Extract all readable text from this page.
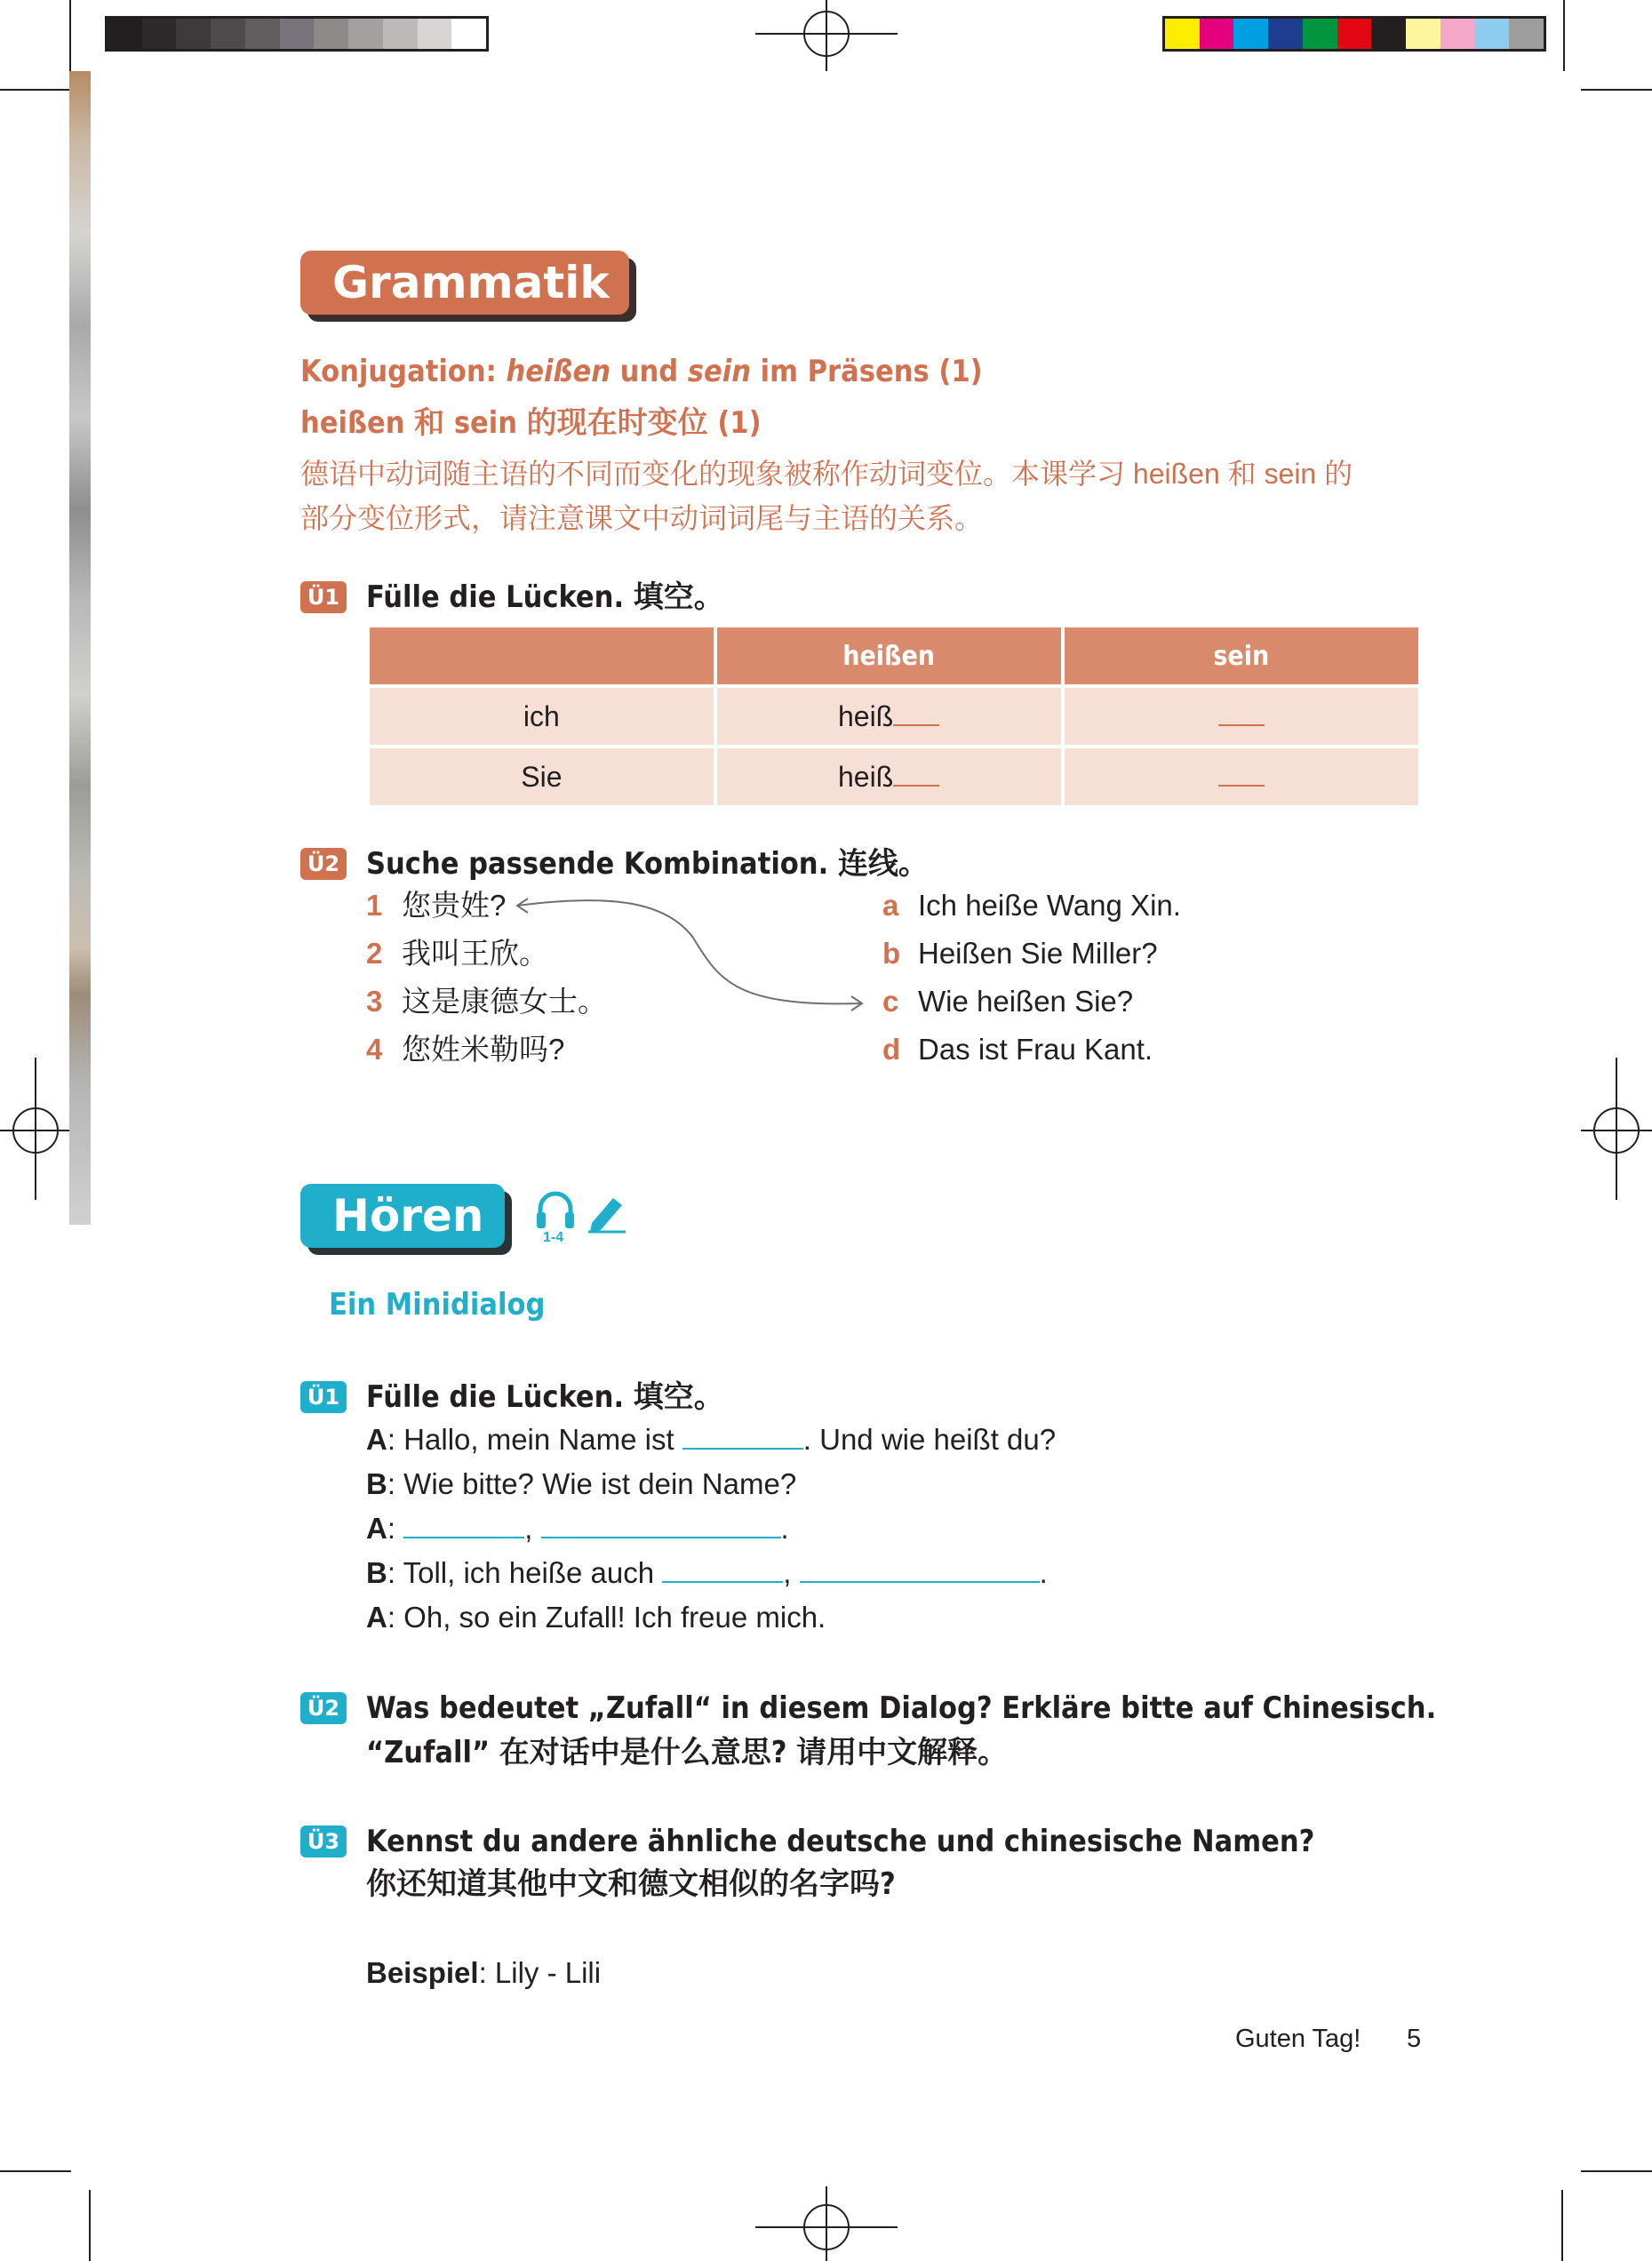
Grammatik
Konjugation: heißen und sein im Präsens (1)
heißen 和 sein 的现在时变位 (1)
德语中动词随主语的不同而变化的现象被称作动词变位。本课学习 heißen 和 sein 的
部分变位形式，请注意课文中动词词尾与主语的关系。
Ü1 Fülle die Lücken. 填空。
	heißen	sein
ich	heiß	
Sie	heiß	
Ü2 Suche passende Kombination. 连线。
1 您贵姓?
2 我叫王欣。
3 这是康德女士。
4 您姓米勒吗?
a Ich heiße Wang Xin.
b Heißen Sie Miller?
c Wie heißen Sie?
d Das ist Frau Kant.
Hören	1-4
Ein Minidialog
Ü1 Fülle die Lücken. 填空。
A: Hallo, mein Name ist	. Und wie heißt du?
B: Wie bitte? Wie ist dein Name?
A:	,	.
B: Toll, ich heiße auch	,	.
A: Oh, so ein Zufall! Ich freue mich.
Ü2 Was bedeutet „Zufall“ in diesem Dialog? Erkläre bitte auf Chinesisch.
“Zufall” 在对话中是什么意思? 请用中文解释。
Ü3 Kennst du andere ähnliche deutsche und chinesische Namen?
你还知道其他中文和德文相似的名字吗?
Beispiel: Lily - Lili
Guten Tag! 5
